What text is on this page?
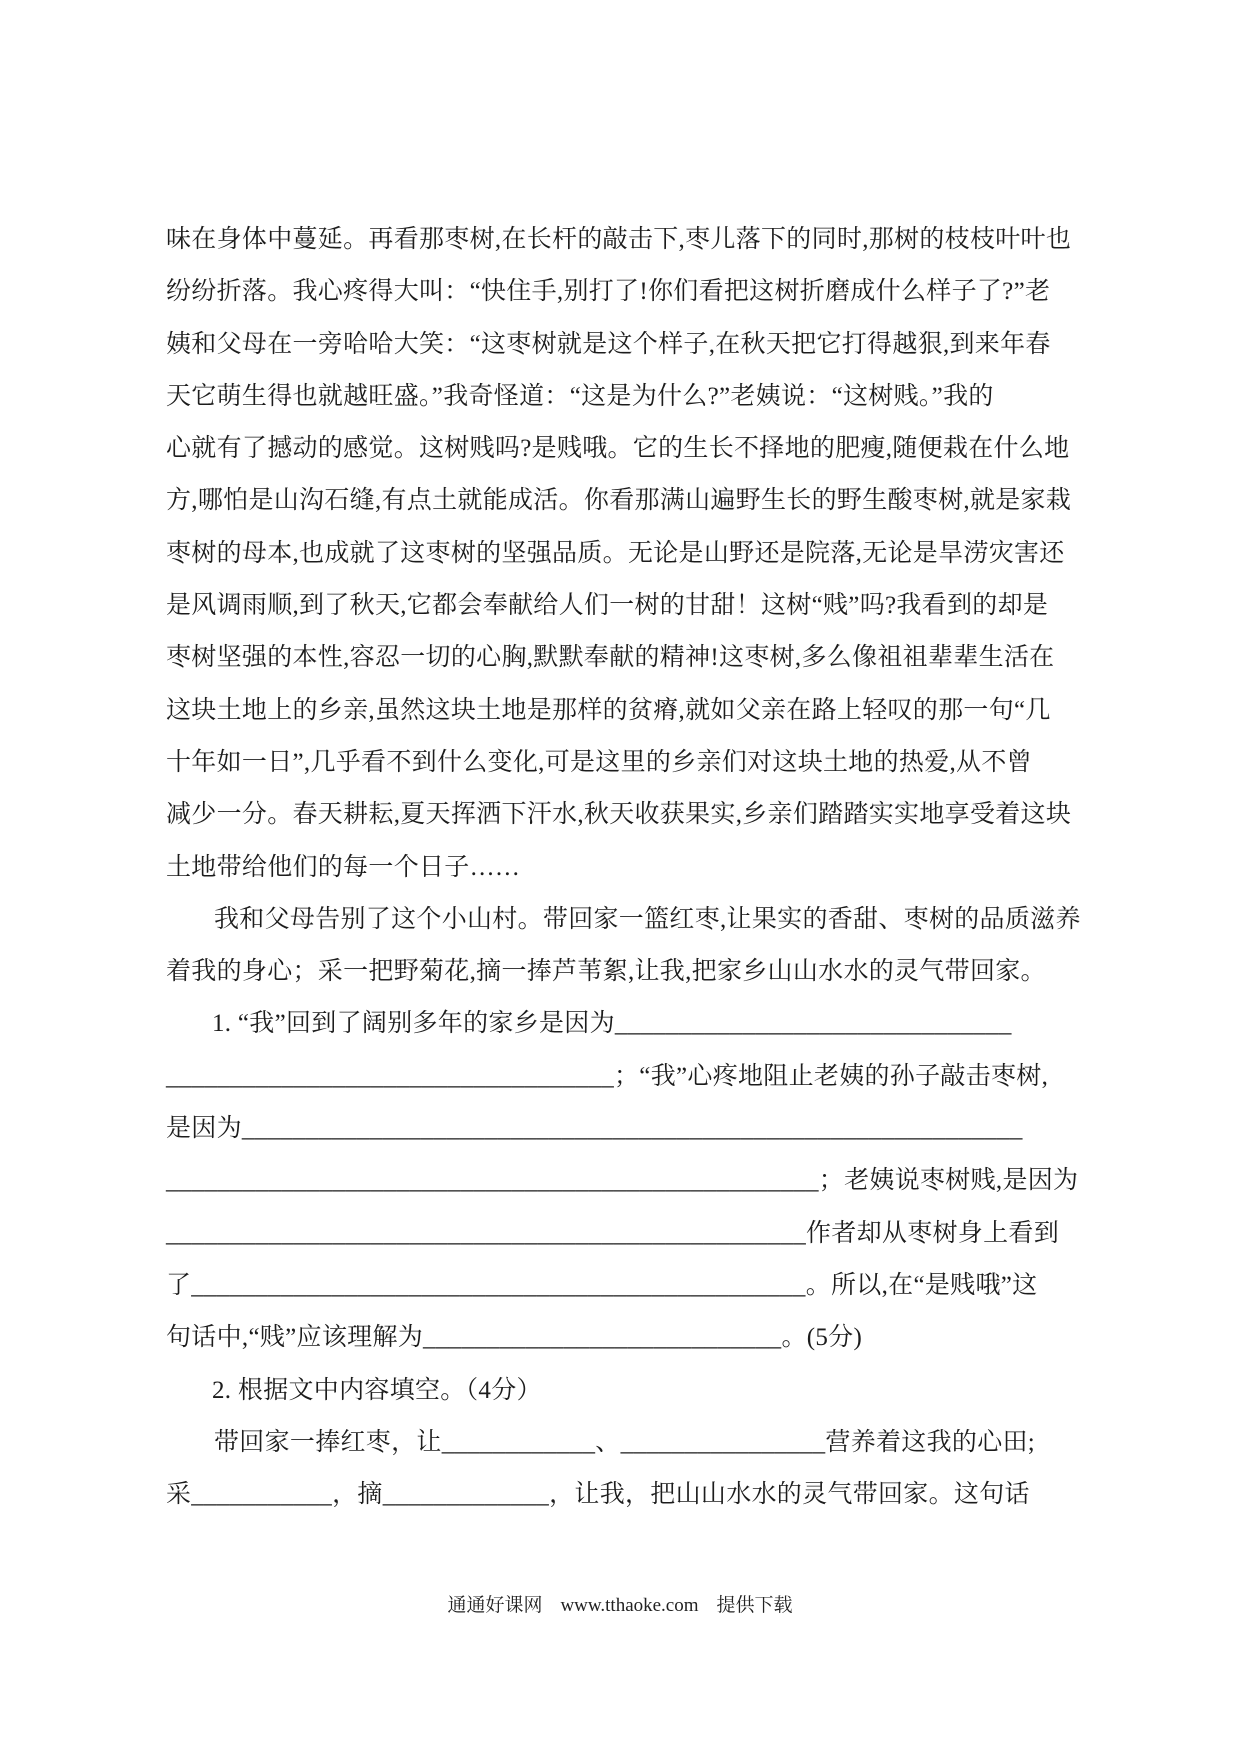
味在身体中蔓延。再看那枣树,在长杆的敲击下,枣儿落下的同时,那树的枝枝叶叶也
纷纷折落。我心疼得大叫：“快住手,别打了!你们看把这树折磨成什么样子了?”老
姨和父母在一旁哈哈大笑：“这枣树就是这个样子,在秋天把它打得越狠,到来年春
天它萌生得也就越旺盛。”我奇怪道：“这是为什么?”老姨说：“这树贱。”我的
心就有了撼动的感觉。这树贱吗?是贱哦。它的生长不择地的肥瘦,随便栽在什么地
方,哪怕是山沟石缝,有点土就能成活。你看那满山遍野生长的野生酸枣树,就是家栽
枣树的母本,也成就了这枣树的坚强品质。无论是山野还是院落,无论是旱涝灾害还
是风调雨顺,到了秋天,它都会奉献给人们一树的甘甜！这树“贱”吗?我看到的却是
枣树坚强的本性,容忍一切的心胸,默默奉献的精神!这枣树,多么像祖祖辈辈生活在
这块土地上的乡亲,虽然这块土地是那样的贫瘠,就如父亲在路上轻叹的那一句“几
十年如一日”,几乎看不到什么变化,可是这里的乡亲们对这块土地的热爱,从不曾
减少一分。春天耕耘,夏天挥洒下汗水,秋天收获果实,乡亲们踏踏实实地享受着这块
土地带给他们的每一个日子……
我和父母告别了这个小山村。带回家一篮红枣,让果实的香甜、枣树的品质滋养
着我的身心；采一把野菊花,摘一捧芦苇絮,让我,把家乡山山水水的灵气带回家。
1. “我”回到了阔别多年的家乡是因为_______________________________
___________________________________；“我”心疼地阻止老姨的孙子敲击枣树,
是因为_____________________________________________________________
___________________________________________________；老姨说枣树贱,是因为
__________________________________________________作者却从枣树身上看到
了________________________________________________。所以,在“是贱哦”这
句话中,“贱”应该理解为____________________________。(5分)
2. 根据文中内容填空。（4分）
带回家一捧红枣，让____________、________________营养着这我的心田;
采___________，摘_____________，让我，把山山水水的灵气带回家。这句话
通通好课网 www.tthaoke.com 提供下载
